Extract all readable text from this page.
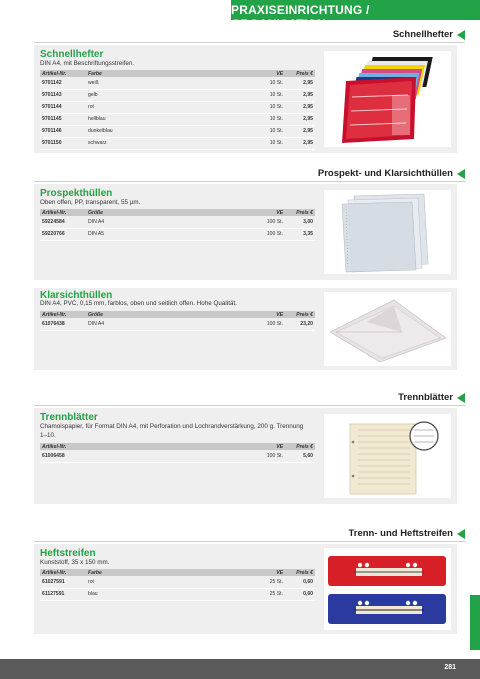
PRAXISEINRICHTUNG / ORGANISATION
Schnellhefter
Schnellhefter
DIN A4, mit Beschriftungsstreifen.
Artikel-Nr.	Farbe	VE	Preis €
9701142	weiß	10 St.	2,95
9701143	gelb	10 St.	2,95
9701144	rot	10 St.	2,95
9701145	hellblau	10 St.	2,95
9701146	dunkelblau	10 St.	2,95
9701150	schwarz	10 St.	2,95
Prospekt- und Klarsichthüllen
Prospekthüllen
Oben offen, PP, transparent, 55 µm.
Artikel-Nr.	Größe	VE	Preis €
59224584	DIN A4	100 St.	3,00
59220766	DIN A5	100 St.	3,35
Klarsichthüllen
DIN A4, PVC, 0,15 mm, farblos, oben und seitlich offen. Hohe Qualität.
Artikel-Nr.	Größe	VE	Preis €
61076438	DIN A4	100 St.	23,20
Trennblätter
Trennblätter
Chamoispapier, für Format DIN A4, mit Perforation und Lochrandverstärkung, 200 g. Trennung 1–10.
Artikel-Nr.		VE	Preis €
61006458		100 St.	5,60
Trenn- und Heftstreifen
Heftstreifen
Kunststoff, 35 x 150 mm.
Artikel-Nr.	Farbe	VE	Preis €
61027591	rot	25 St.	0,60
61127591	blau	25 St.	0,60
281
